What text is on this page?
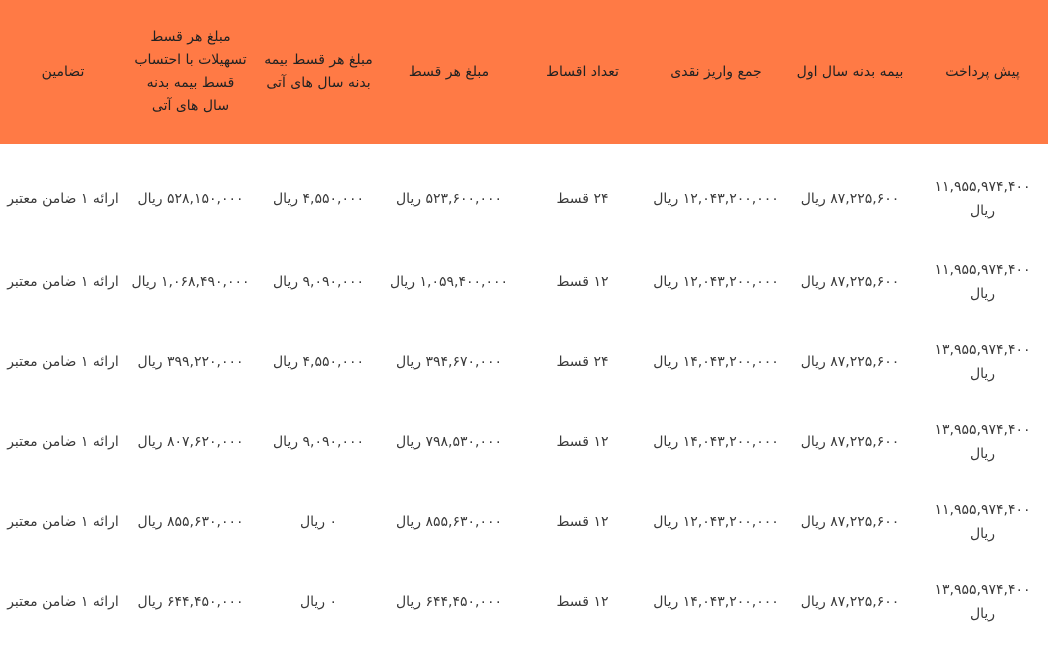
پیش پرداخت	بیمه بدنه سال اول	جمع واریز نقدی	تعداد اقساط	مبلغ هر قسط	مبلغ هر قسط بیمه بدنه سال های آتی	مبلغ هر قسط تسهیلات با احتساب قسط بیمه بدنه سال های آتی	تضامین
۱۱,۹۵۵,۹۷۴,۴۰۰ ریال	۸۷,۲۲۵,۶۰۰ ریال	۱۲,۰۴۳,۲۰۰,۰۰۰ ریال	۲۴ قسط	۵۲۳,۶۰۰,۰۰۰ ریال	۴,۵۵۰,۰۰۰ ریال	۵۲۸,۱۵۰,۰۰۰ ریال	ارائه ۱ ضامن معتبر
۱۱,۹۵۵,۹۷۴,۴۰۰ ریال	۸۷,۲۲۵,۶۰۰ ریال	۱۲,۰۴۳,۲۰۰,۰۰۰ ریال	۱۲ قسط	۱,۰۵۹,۴۰۰,۰۰۰ ریال	۹,۰۹۰,۰۰۰ ریال	۱,۰۶۸,۴۹۰,۰۰۰ ریال	ارائه ۱ ضامن معتبر
۱۳,۹۵۵,۹۷۴,۴۰۰ ریال	۸۷,۲۲۵,۶۰۰ ریال	۱۴,۰۴۳,۲۰۰,۰۰۰ ریال	۲۴ قسط	۳۹۴,۶۷۰,۰۰۰ ریال	۴,۵۵۰,۰۰۰ ریال	۳۹۹,۲۲۰,۰۰۰ ریال	ارائه ۱ ضامن معتبر
۱۳,۹۵۵,۹۷۴,۴۰۰ ریال	۸۷,۲۲۵,۶۰۰ ریال	۱۴,۰۴۳,۲۰۰,۰۰۰ ریال	۱۲ قسط	۷۹۸,۵۳۰,۰۰۰ ریال	۹,۰۹۰,۰۰۰ ریال	۸۰۷,۶۲۰,۰۰۰ ریال	ارائه ۱ ضامن معتبر
۱۱,۹۵۵,۹۷۴,۴۰۰ ریال	۸۷,۲۲۵,۶۰۰ ریال	۱۲,۰۴۳,۲۰۰,۰۰۰ ریال	۱۲ قسط	۸۵۵,۶۳۰,۰۰۰ ریال	۰ ریال	۸۵۵,۶۳۰,۰۰۰ ریال	ارائه ۱ ضامن معتبر
۱۳,۹۵۵,۹۷۴,۴۰۰ ریال	۸۷,۲۲۵,۶۰۰ ریال	۱۴,۰۴۳,۲۰۰,۰۰۰ ریال	۱۲ قسط	۶۴۴,۴۵۰,۰۰۰ ریال	۰ ریال	۶۴۴,۴۵۰,۰۰۰ ریال	ارائه ۱ ضامن معتبر
